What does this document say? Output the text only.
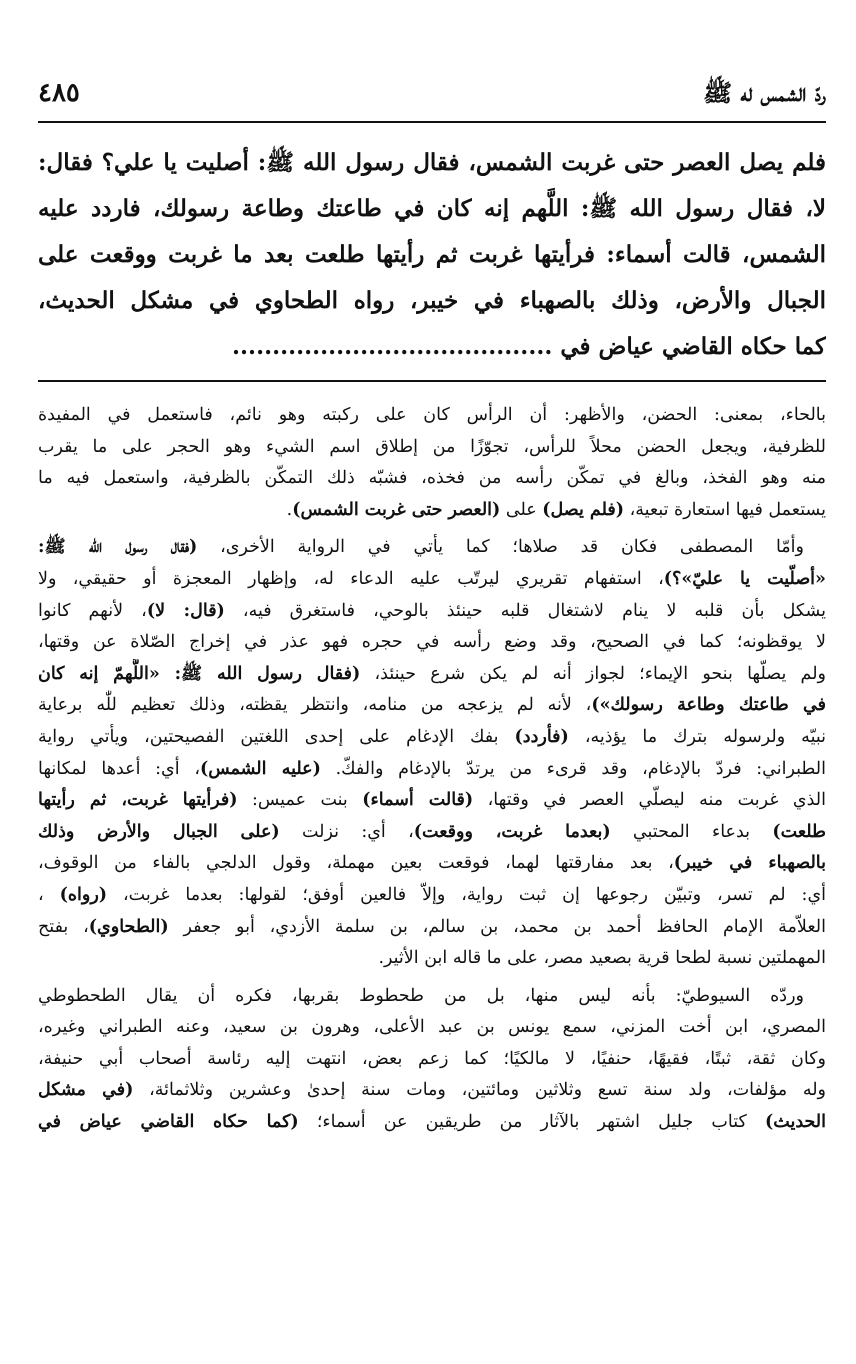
ردّ الشمس له ﷺ
٤٨٥
فلم يصل العصر حتى غربت الشمس، فقال رسول الله ﷺ: أصليت يا علي؟ فقال:
لا، فقال رسول الله ﷺ: اللَّهم إنه كان في طاعتك وطاعة رسولك، فاردد عليه
الشمس، قالت أسماء: فرأيتها غربت ثم رأيتها طلعت بعد ما غربت ووقعت على
الجبال والأرض، وذلك بالصهباء في خيبر، رواه الطحاوي في مشكل الحديث،
كما حكاه القاضي عياض في ........................................
بالحاء، بمعنى: الحضن، والأظهر: أن الرأس كان على ركبته وهو نائم، فاستعمل في المفيدة
للظرفية، ويجعل الحضن محلاً للرأس، تجوّزًا من إطلاق اسم الشيء وهو الحجر على ما يقرب
منه وهو الفخذ، وبالغ في تمكّن رأسه من فخذه، فشبّه ذلك التمكّن بالظرفية، واستعمل فيه ما
يستعمل فيها استعارة تبعية، (فلم يصل) على (العصر حتى غربت الشمس).
وأمّا المصطفى فكان قد صلاها؛ كما يأتي في الرواية الأخرى، (فقال رسول الله ﷺ:
«أصلّيت يا عليّ»؟)، استفهام تقريري ليرتّب عليه الدعاء له، وإظهار المعجزة أو حقيقي، ولا
يشكل بأن قلبه لا ينام لاشتغال قلبه حينئذ بالوحي، فاستغرق فيه، (قال: لا)، لأنهم كانوا
لا يوقظونه؛ كما في الصحيح، وقد وضع رأسه في حجره فهو عذر في إخراج الصّلاة عن وقتها،
ولم يصلّها بنحو الإيماء؛ لجواز أنه لم يكن شرع حينئذ، (فقال رسول الله ﷺ: «اللَّهمّ إنه كان
في طاعتك وطاعة رسولك»)، لأنه لم يزعجه من منامه، وانتظر يقظته، وذلك تعظيم للّٰه برعاية
نبيّه ولرسوله بترك ما يؤذيه، (فأردد) بفك الإدغام على إحدى اللغتين الفصيحتين، ويأتي رواية
الطبراني: فردّ بالإدغام، وقد قرىء من يرتدّ بالإدغام والفكّ. (عليه الشمس)، أي: أعدها لمكانها
الذي غربت منه ليصلّي العصر في وقتها، (قالت أسماء) بنت عميس: (فرأيتها غربت، ثم رأيتها
طلعت) بدعاء المحتبي (بعدما غربت، ووقعت)، أي: نزلت (على الجبال والأرض وذلك
بالصهباء في خيبر)، بعد مفارقتها لهما، فوقعت بعين مهملة، وقول الدلجي بالفاء من الوقوف،
أي: لم تسر، وتبيّن رجوعها إن ثبت رواية، وإلاّ فالعين أوفق؛ لقولها: بعدما غربت، (رواه) ،
العلاّمة الإمام الحافظ أحمد بن محمد، بن سالم، بن سلمة الأزدي، أبو جعفر (الطحاوي)، بفتح
المهملتين نسبة لطحا قرية بصعيد مصر، على ما قاله ابن الأثير.
وردّه السيوطيّ: بأنه ليس منها، بل من طحطوط بقربها، فكره أن يقال الطحطوطي
المصري، ابن أخت المزني، سمع يونس بن عبد الأعلى، وهرون بن سعيد، وعنه الطبراني وغيره،
وكان ثقة، ثبتًا، فقيهًا، حنفيًا، لا مالكيًا؛ كما زعم بعض، انتهت إليه رئاسة أصحاب أبي حنيفة،
وله مؤلفات، ولد سنة تسع وثلاثين ومائتين، ومات سنة إحدىٰ وعشرين وثلاثمائة، (في مشكل
الحديث) كتاب جليل اشتهر بالآثار من طريقين عن أسماء؛ (كما حكاه القاضي عياض في
